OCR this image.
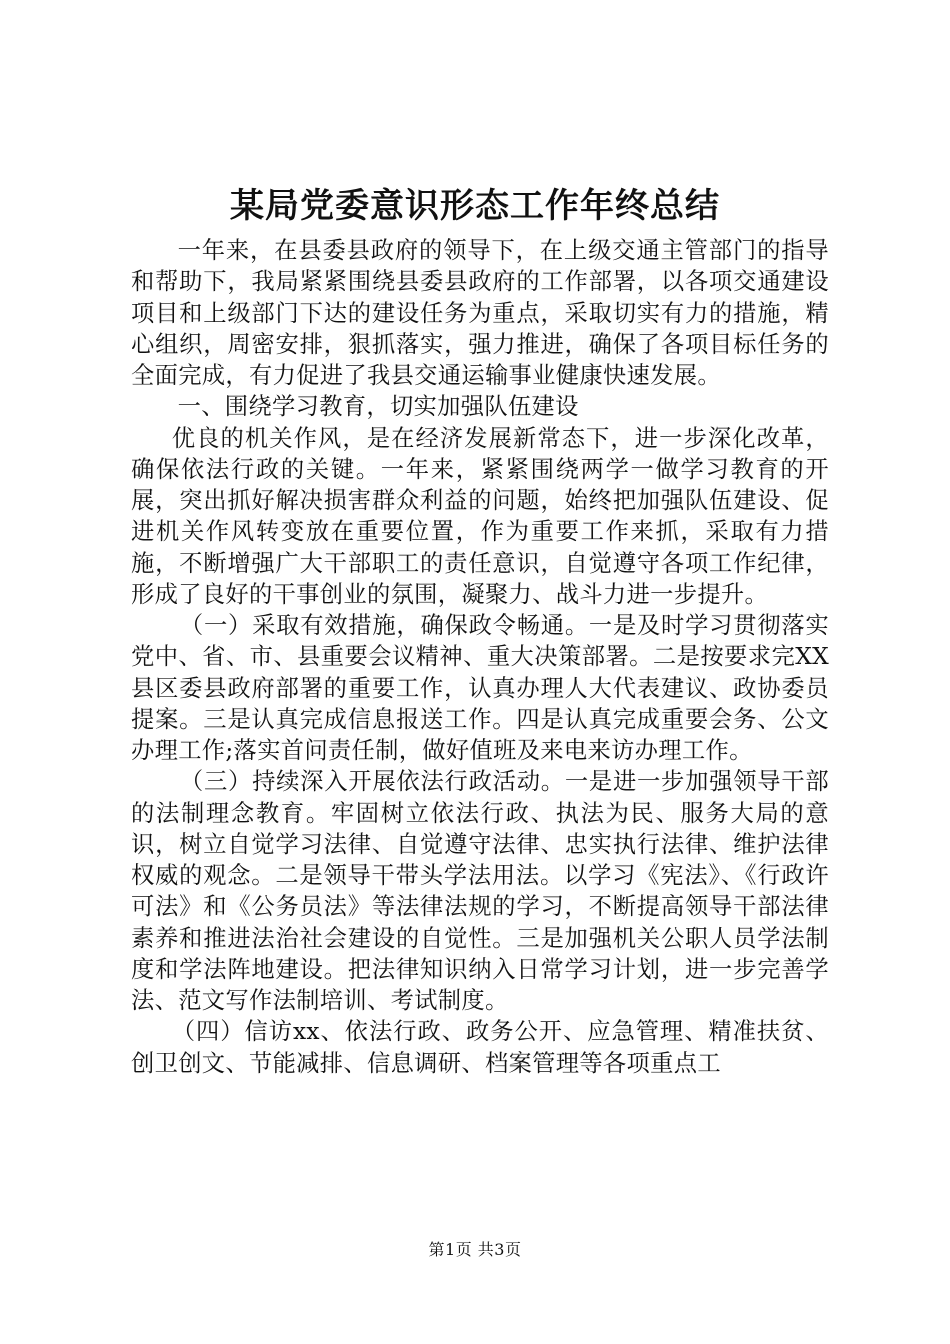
某局党委意识形态工作年终总结

一年来，在县委县政府的领导下，在上级交通主管部门的指导和帮助下，我局紧紧围绕县委县政府的工作部署，以各项交通建设项目和上级部门下达的建设任务为重点，采取切实有力的措施，精心组织，周密安排，狠抓落实，强力推进，确保了各项目标任务的全面完成，有力促进了我县交通运输事业健康快速发展。

一、围绕学习教育，切实加强队伍建设

优良的机关作风，是在经济发展新常态下，进一步深化改革，确保依法行政的关键。一年来，紧紧围绕两学一做学习教育的开展，突出抓好解决损害群众利益的问题，始终把加强队伍建设、促进机关作风转变放在重要位置，作为重要工作来抓，采取有力措施，不断增强广大干部职工的责任意识，自觉遵守各项工作纪律，形成了良好的干事创业的氛围，凝聚力、战斗力进一步提升。

（一）采取有效措施，确保政令畅通。一是及时学习贯彻落实党中、省、市、县重要会议精神、重大决策部署。二是按要求完XX县区委县政府部署的重要工作，认真办理人大代表建议、政协委员提案。三是认真完成信息报送工作。四是认真完成重要会务、公文办理工作;落实首问责任制，做好值班及来电来访办理工作。

（三）持续深入开展依法行政活动。一是进一步加强领导干部的法制理念教育。牢固树立依法行政、执法为民、服务大局的意识，树立自觉学习法律、自觉遵守法律、忠实执行法律、维护法律权威的观念。二是领导干带头学法用法。以学习《宪法》、《行政许可法》和《公务员法》等法律法规的学习，不断提高领导干部法律素养和推进法治社会建设的自觉性。三是加强机关公职人员学法制度和学法阵地建设。把法律知识纳入日常学习计划，进一步完善学法、范文写作法制培训、考试制度。

（四）信访xx、依法行政、政务公开、应急管理、精准扶贫、创卫创文、节能减排、信息调研、档案管理等各项重点工

第1页 共3页
